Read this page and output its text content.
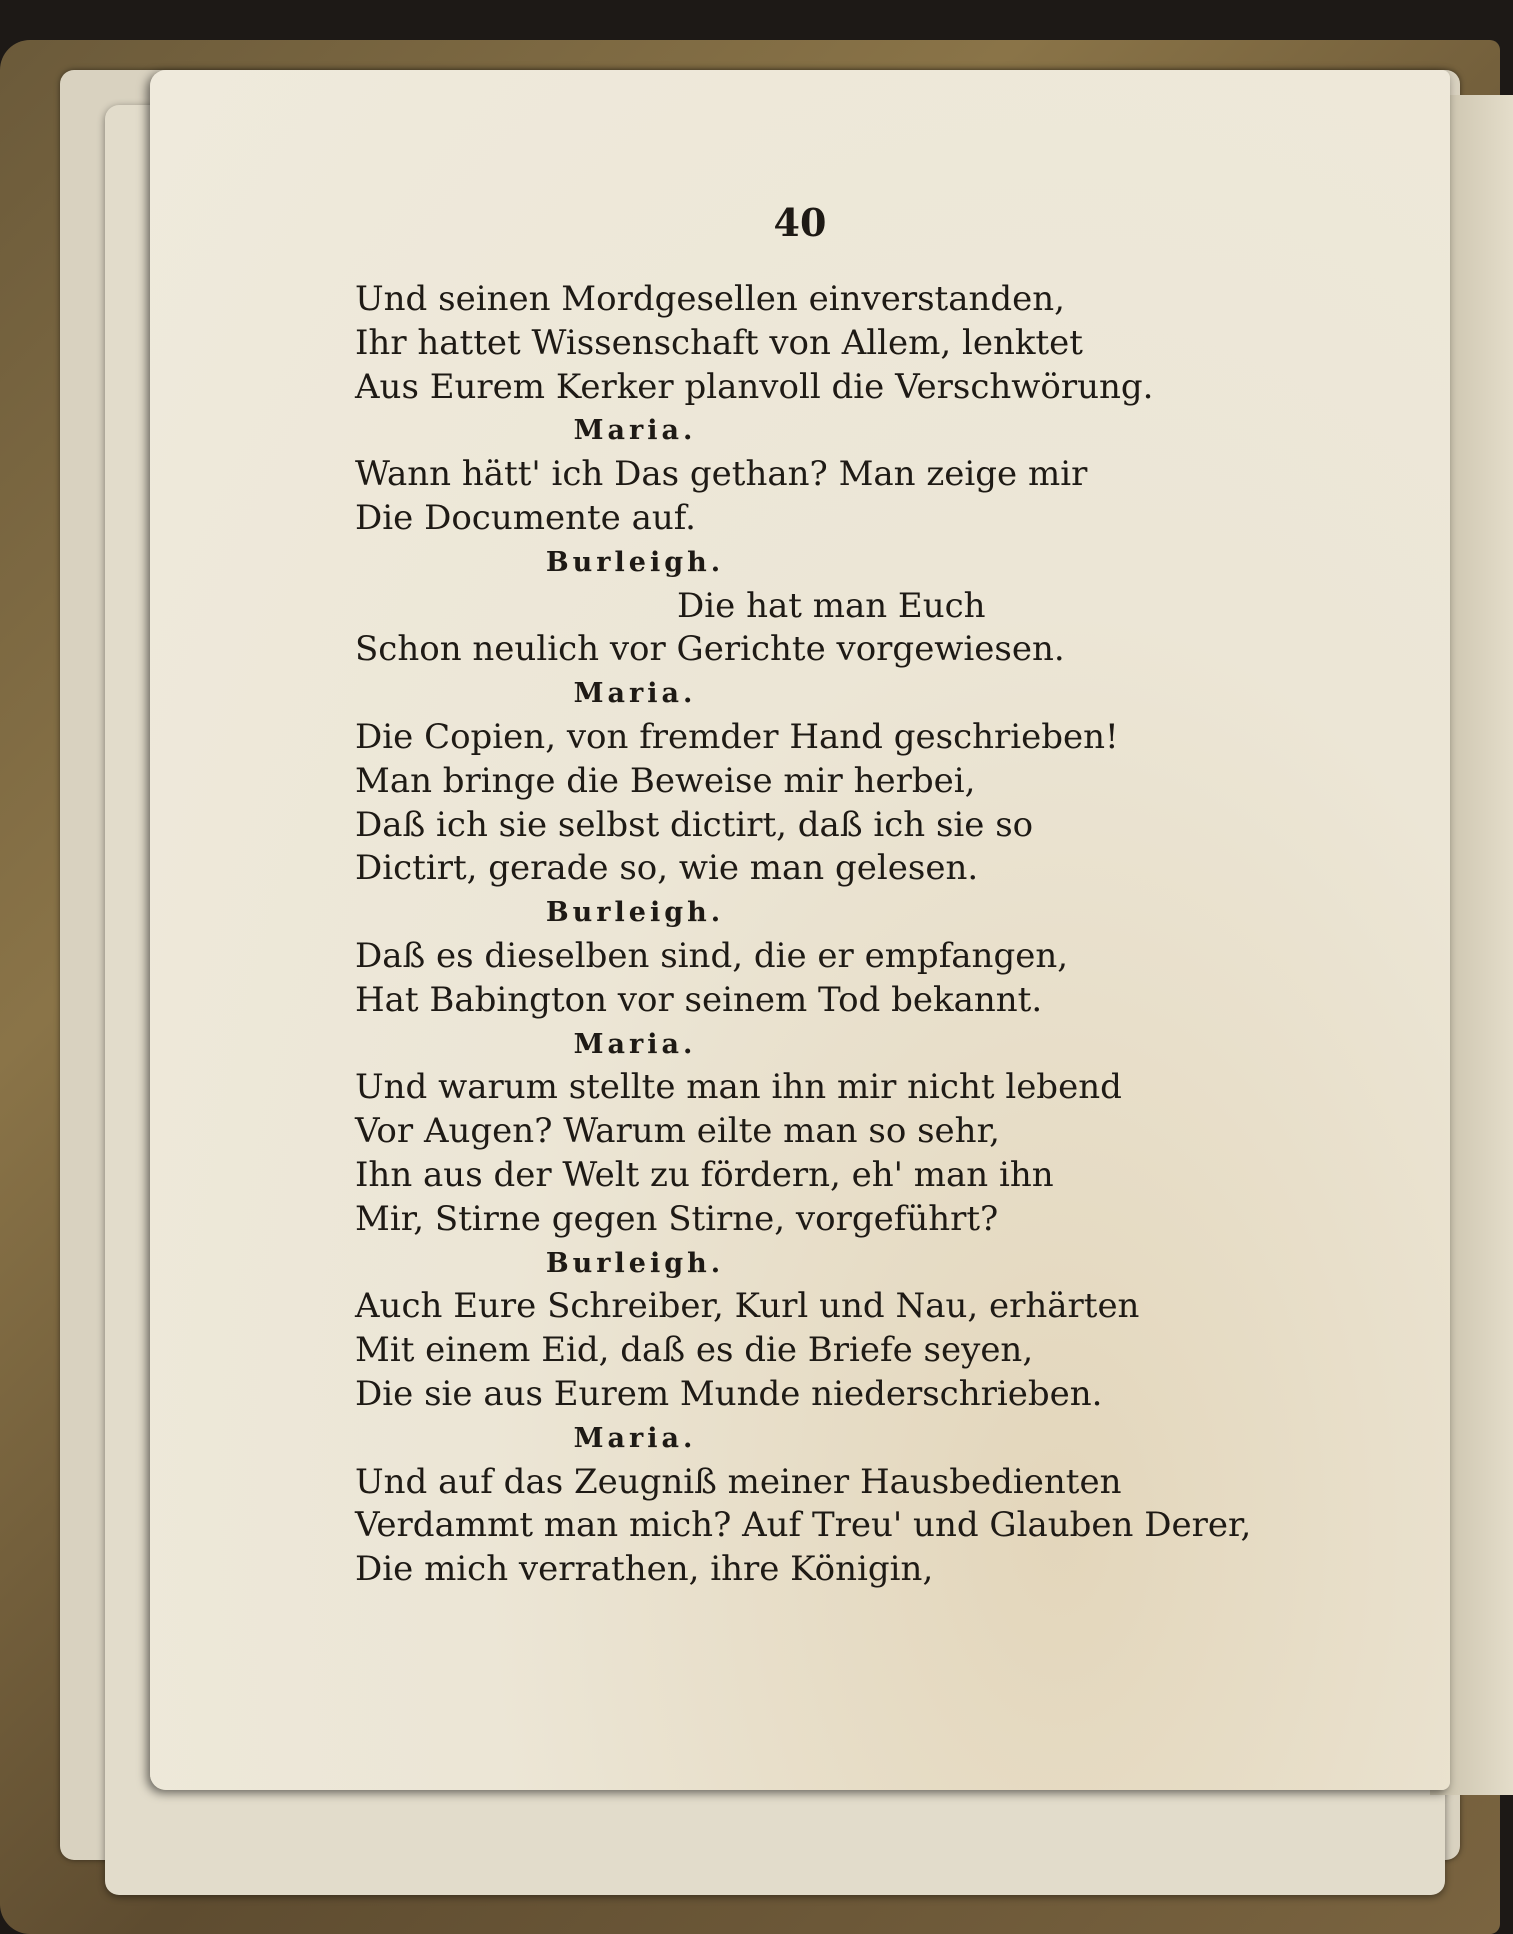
40
Und seinen Mordgesellen einverstanden,
Ihr hattet Wissenschaft von Allem, lenktet
Aus Eurem Kerker planvoll die Verschwörung.
Maria.
Wann hätt' ich Das gethan? Man zeige mir
Die Documente auf.
Burleigh.
Die hat man Euch
Schon neulich vor Gerichte vorgewiesen.
Maria.
Die Copien, von fremder Hand geschrieben!
Man bringe die Beweise mir herbei,
Daß ich sie selbst dictirt, daß ich sie so
Dictirt, gerade so, wie man gelesen.
Burleigh.
Daß es dieselben sind, die er empfangen,
Hat Babington vor seinem Tod bekannt.
Maria.
Und warum stellte man ihn mir nicht lebend
Vor Augen? Warum eilte man so sehr,
Ihn aus der Welt zu fördern, eh' man ihn
Mir, Stirne gegen Stirne, vorgeführt?
Burleigh.
Auch Eure Schreiber, Kurl und Nau, erhärten
Mit einem Eid, daß es die Briefe seyen,
Die sie aus Eurem Munde niederschrieben.
Maria.
Und auf das Zeugniß meiner Hausbedienten
Verdammt man mich? Auf Treu' und Glauben Derer,
Die mich verrathen, ihre Königin,
